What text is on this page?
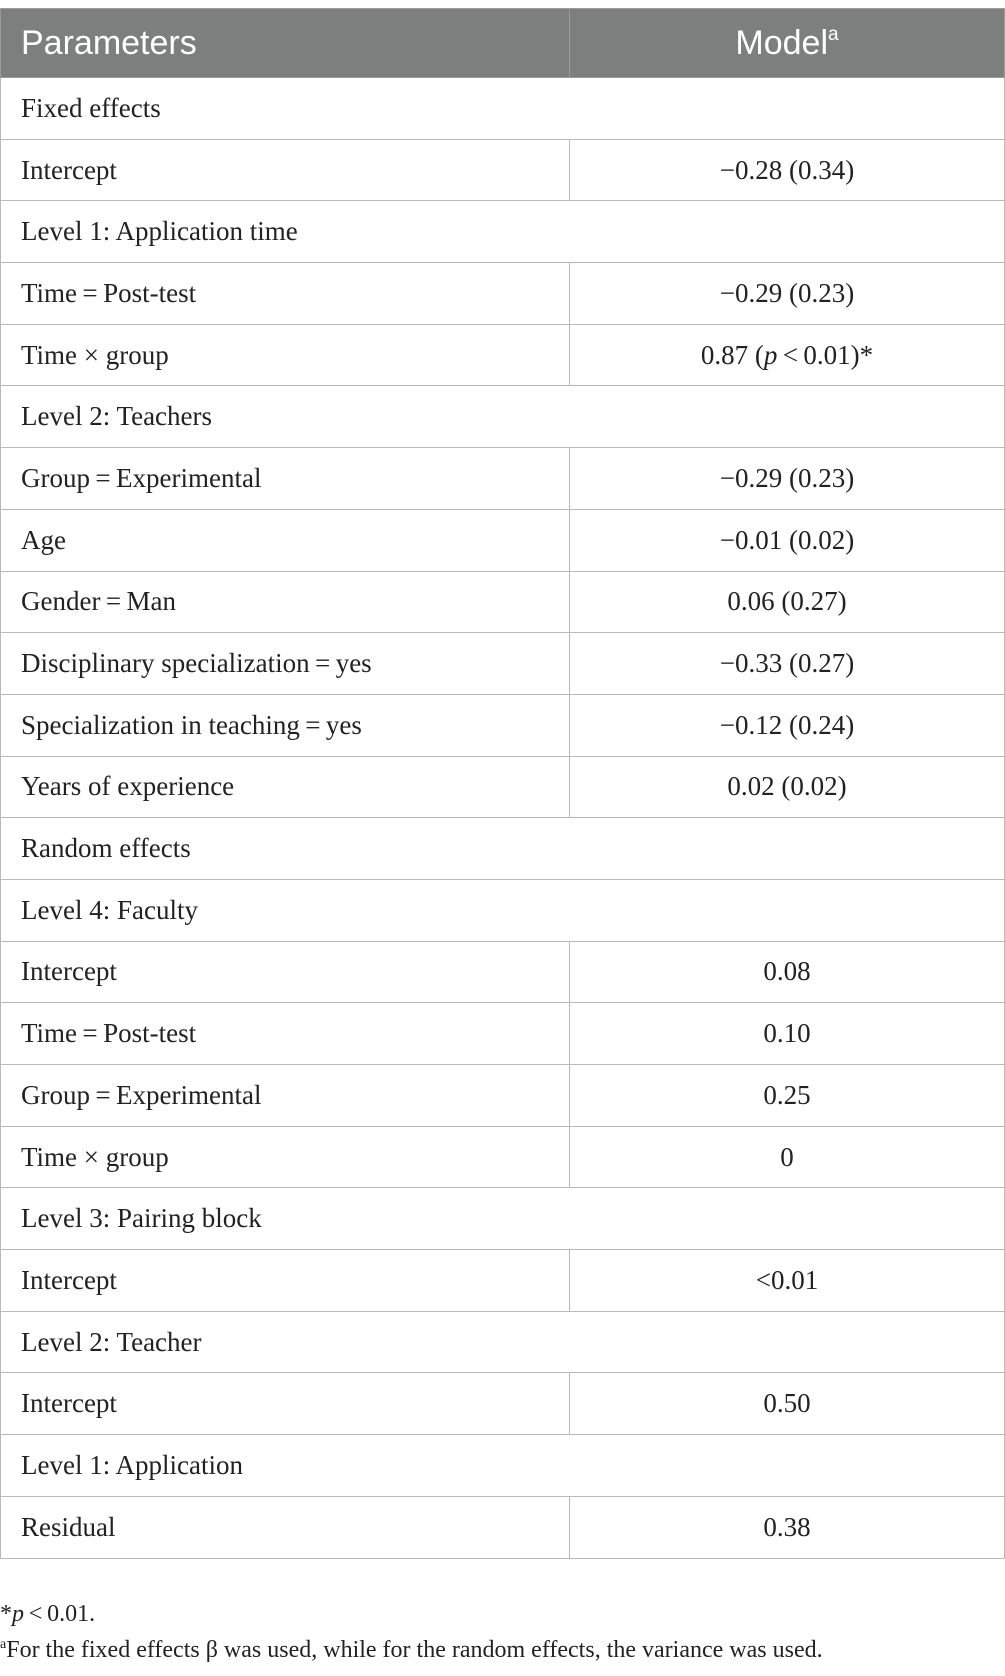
Parameters	Model$^a$
Fixed effects	
Intercept	−0.28 (0.34)
Level 1: Application time	
Time = Post-test	−0.29 (0.23)
Time × group	0.87 (p < 0.01)*
Level 2: Teachers	
Group = Experimental	−0.29 (0.23)
Age	−0.01 (0.02)
Gender = Man	0.06 (0.27)
Disciplinary specialization = yes	−0.33 (0.27)
Specialization in teaching = yes	−0.12 (0.24)
Years of experience	0.02 (0.02)
Random effects	
Level 4: Faculty	
Intercept	0.08
Time = Post-test	0.10
Group = Experimental	0.25
Time × group	0
Level 3: Pairing block	
Intercept	<0.01
Level 2: Teacher	
Intercept	0.50
Level 1: Application	
Residual	0.38

*p < 0.01.

$^a$For the fixed effects β was used, while for the random effects, the variance was used.
